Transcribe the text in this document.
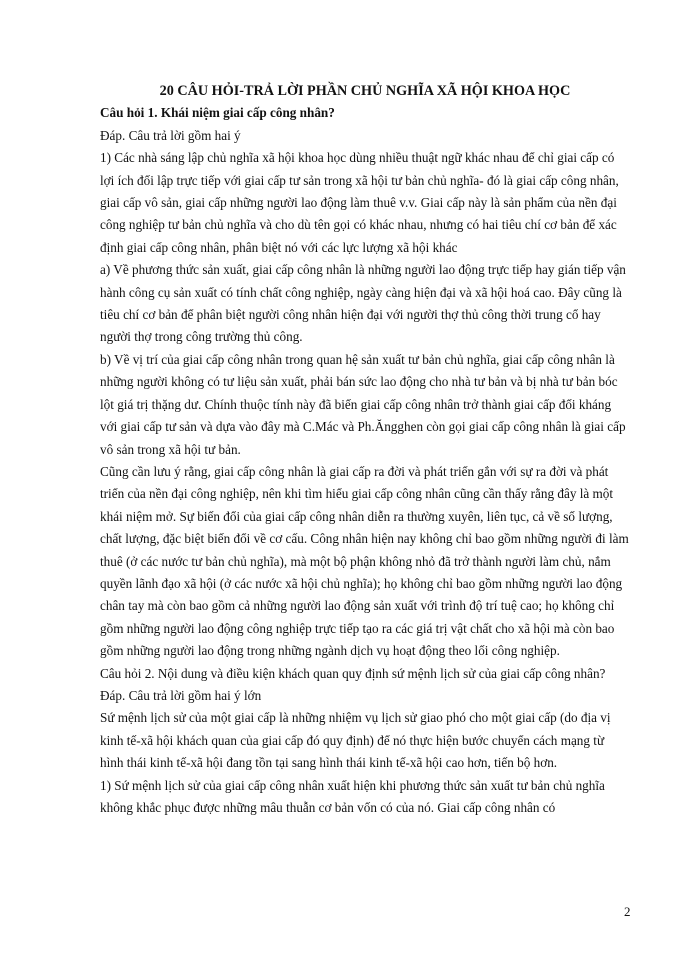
20 CÂU HỎI-TRẢ LỜI PHẦN CHỦ NGHĨA XÃ HỘI KHOA HỌC

Câu hỏi 1. Khái niệm giai cấp công nhân?

Đáp. Câu trả lời gồm hai ý

1) Các nhà sáng lập chủ nghĩa xã hội khoa học dùng nhiều thuật ngữ khác nhau để chỉ giai cấp có lợi ích đối lập trực tiếp với giai cấp tư sản trong xã hội tư bản chủ nghĩa- đó là giai cấp công nhân, giai cấp vô sản, giai cấp những người lao động làm thuê v.v. Giai cấp này là sản phẩm của nền đại công nghiệp tư bản chủ nghĩa và cho dù tên gọi có khác nhau, nhưng có hai tiêu chí cơ bản để xác định giai cấp công nhân, phân biệt nó với các lực lượng xã hội khác

a) Về phương thức sản xuất, giai cấp công nhân là những người lao động trực tiếp hay gián tiếp vận hành công cụ sản xuất có tính chất công nghiệp, ngày càng hiện đại và xã hội hoá cao. Đây cũng là tiêu chí cơ bản để phân biệt người công nhân hiện đại với người thợ thủ công thời trung cổ hay người thợ trong công trường thủ công.

b) Về vị trí của giai cấp công nhân trong quan hệ sản xuất tư bản chủ nghĩa, giai cấp công nhân là những người không có tư liệu sản xuất, phải bán sức lao động cho nhà tư bản và bị nhà tư bản bóc lột giá trị thặng dư. Chính thuộc tính này đã biến giai cấp công nhân trở thành giai cấp đối kháng với giai cấp tư sản và dựa vào đây mà C.Mác và Ph.Ăngghen còn gọi giai cấp công nhân là giai cấp vô sản trong xã hội tư bản.

Cũng cần lưu ý rằng, giai cấp công nhân là giai cấp ra đời và phát triển gắn với sự ra đời và phát triển của nền đại công nghiệp, nên khi tìm hiểu giai cấp công nhân cũng cần thấy rằng đây là một khái niệm mở. Sự biến đổi của giai cấp công nhân diễn ra thường xuyên, liên tục, cả về số lượng, chất lượng, đặc biệt biến đổi về cơ cấu. Công nhân hiện nay không chỉ bao gồm những người đi làm thuê (ở các nước tư bản chủ nghĩa), mà một bộ phận không nhỏ đã trở thành người làm chủ, nắm quyền lãnh đạo xã hội (ở các nước xã hội chủ nghĩa); họ không chỉ bao gồm những người lao động chân tay mà còn bao gồm cả những người lao động sản xuất với trình độ trí tuệ cao; họ không chỉ gồm những người lao động công nghiệp trực tiếp tạo ra các giá trị vật chất cho xã hội mà còn bao gồm những người lao động trong những ngành dịch vụ hoạt động theo lối công nghiệp.

Câu hỏi 2. Nội dung và điều kiện khách quan quy định sứ mệnh lịch sử của giai cấp công nhân?

Đáp. Câu trả lời gồm hai ý lớn

Sứ mệnh lịch sử của một giai cấp là những nhiệm vụ lịch sử giao phó cho một giai cấp (do địa vị kinh tế-xã hội khách quan của giai cấp đó quy định) để nó thực hiện bước chuyển cách mạng từ hình thái kinh tế-xã hội đang tồn tại sang hình thái kinh tế-xã hội cao hơn, tiến bộ hơn.

1) Sứ mệnh lịch sử của giai cấp công nhân xuất hiện khi phương thức sản xuất tư bản chủ nghĩa không khắc phục được những mâu thuẫn cơ bản vốn có của nó. Giai cấp công nhân có

2
